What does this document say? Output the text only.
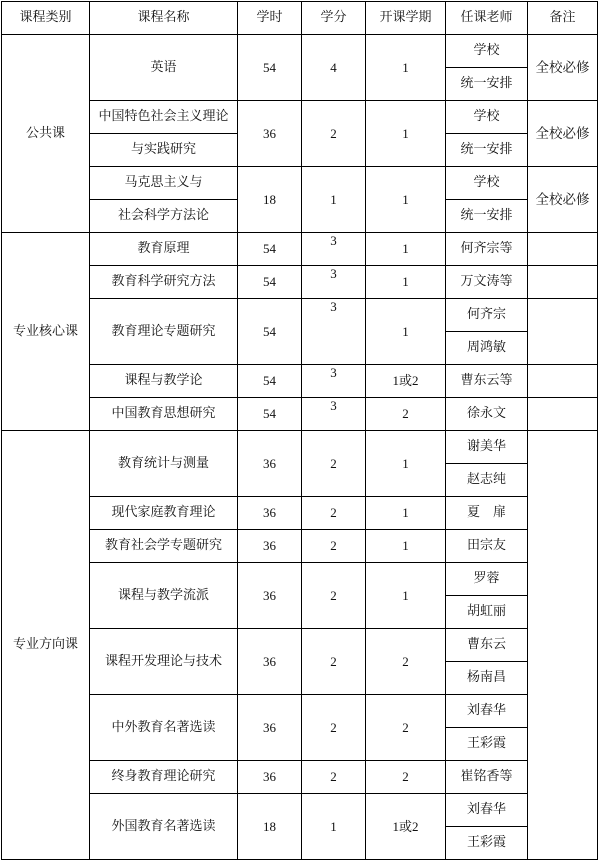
课程类别	课程名称	学时	学分	开课学期	任课老师	备注
公共课	英语	54	4	1	学校	全校必修
					统一安排	
	中国特色社会主义理论	36	2	1	学校	全校必修
	与实践研究				统一安排	
	马克思主义与	18	1	1	学校	全校必修
	社会科学方法论				统一安排	
专业核心课	教育原理	54	3	1	何齐宗等	
	教育科学研究方法	54	3	1	万文涛等	
	教育理论专题研究	54	3	1	何齐宗	
					周鸿敏	
	课程与教学论	54	3	1或2	曹东云等	
	中国教育思想研究	54	3	2	徐永文	
专业方向课	教育统计与测量	36	2	1	谢美华	
					赵志纯	
	现代家庭教育理论	36	2	1	夏　扉	
	教育社会学专题研究	36	2	1	田宗友	
	课程与教学流派	36	2	1	罗蓉	
					胡虹丽	
	课程开发理论与技术	36	2	2	曹东云	
					杨南昌	
	中外教育名著选读	36	2	2	刘春华	
					王彩霞	
	终身教育理论研究	36	2	2	崔铭香等	
	外国教育名著选读	18	1	1或2	刘春华	
					王彩霞	
